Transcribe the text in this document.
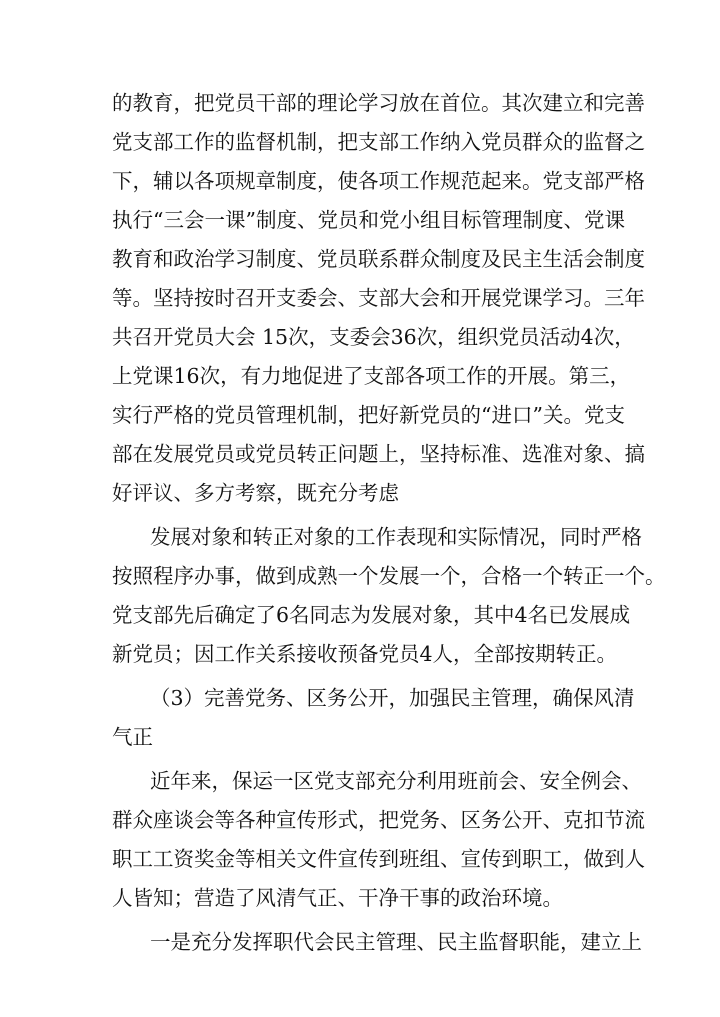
的教育，把党员干部的理论学习放在首位。其次建立和完善
党支部工作的监督机制，把支部工作纳入党员群众的监督之
下，辅以各项规章制度，使各项工作规范起来。党支部严格
执行“三会一课”制度、党员和党小组目标管理制度、党课
教育和政治学习制度、党员联系群众制度及民主生活会制度
等。坚持按时召开支委会、支部大会和开展党课学习。三年
共召开党员大会 15次，支委会36次，组织党员活动4次，
上党课16次，有力地促进了支部各项工作的开展。第三，
实行严格的党员管理机制，把好新党员的“进口”关。党支
部在发展党员或党员转正问题上，坚持标准、选准对象、搞
好评议、多方考察，既充分考虑
发展对象和转正对象的工作表现和实际情况，同时严格
按照程序办事，做到成熟一个发展一个，合格一个转正一个。
党支部先后确定了6名同志为发展对象，其中4名已发展成
新党员；因工作关系接收预备党员4人，全部按期转正。
（3）完善党务、区务公开，加强民主管理，确保风清
气正
近年来，保运一区党支部充分利用班前会、安全例会、
群众座谈会等各种宣传形式，把党务、区务公开、克扣节流
职工工资奖金等相关文件宣传到班组、宣传到职工，做到人
人皆知；营造了风清气正、干净干事的政治环境。
一是充分发挥职代会民主管理、民主监督职能，建立上
